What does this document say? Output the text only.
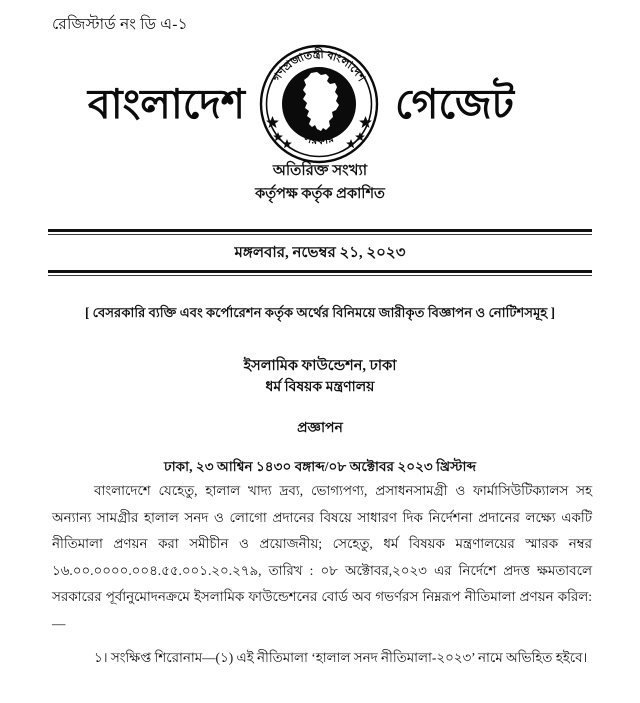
রেজিস্টার্ড নং ডি এ-১
বাংলাদেশ
গণপ্রজাতন্ত্রী বাংলাদেশ
সরকার
গেজেট
অতিরিক্ত সংখ্যা
কর্তৃপক্ষ কর্তৃক প্রকাশিত
মঙ্গলবার, নভেম্বর ২১, ২০২৩
[ বেসরকারি ব্যক্তি এবং কর্পোরেশন কর্তৃক অর্থের বিনিময়ে জারীকৃত বিজ্ঞাপন ও নোটিশসমূহ ]
ইসলামিক ফাউন্ডেশন, ঢাকা
ধর্ম বিষয়ক মন্ত্রণালয়
প্রজ্ঞাপন
ঢাকা, ২৩ আশ্বিন ১৪৩০ বঙ্গাব্দ/০৮ অক্টোবর ২০২৩ খ্রিস্টাব্দ

বাংলাদেশে যেহেতু, হালাল খাদ্য দ্রব্য, ভোগ্যপণ্য, প্রসাধনসামগ্রী ও ফার্মাসিউটিক্যালস সহ অন্যান্য সামগ্রীর হালাল সনদ ও লোগো প্রদানের বিষয়ে সাধারণ দিক নির্দেশনা প্রদানের লক্ষ্যে একটি নীতিমালা প্রণয়ন করা সমীচীন ও প্রয়োজনীয়; সেহেতু, ধর্ম বিষয়ক মন্ত্রণালয়ের স্মারক নম্বর ১৬.০০.০০০০.০০৪.৫৫.০০১.২০.২৭৯, তারিখ : ০৮ অক্টোবর,২০২৩ এর নির্দেশে প্রদত্ত ক্ষমতাবলে সরকারের পূর্বানুমোদনক্রমে ইসলামিক ফাউন্ডেশনের বোর্ড অব গভর্ণরস নিম্নরূপ নীতিমালা প্রণয়ন করিল:—

১। সংক্ষিপ্ত শিরোনাম—(১) এই নীতিমালা ‘হালাল সনদ নীতিমালা-২০২৩’ নামে অভিহিত হইবে।
